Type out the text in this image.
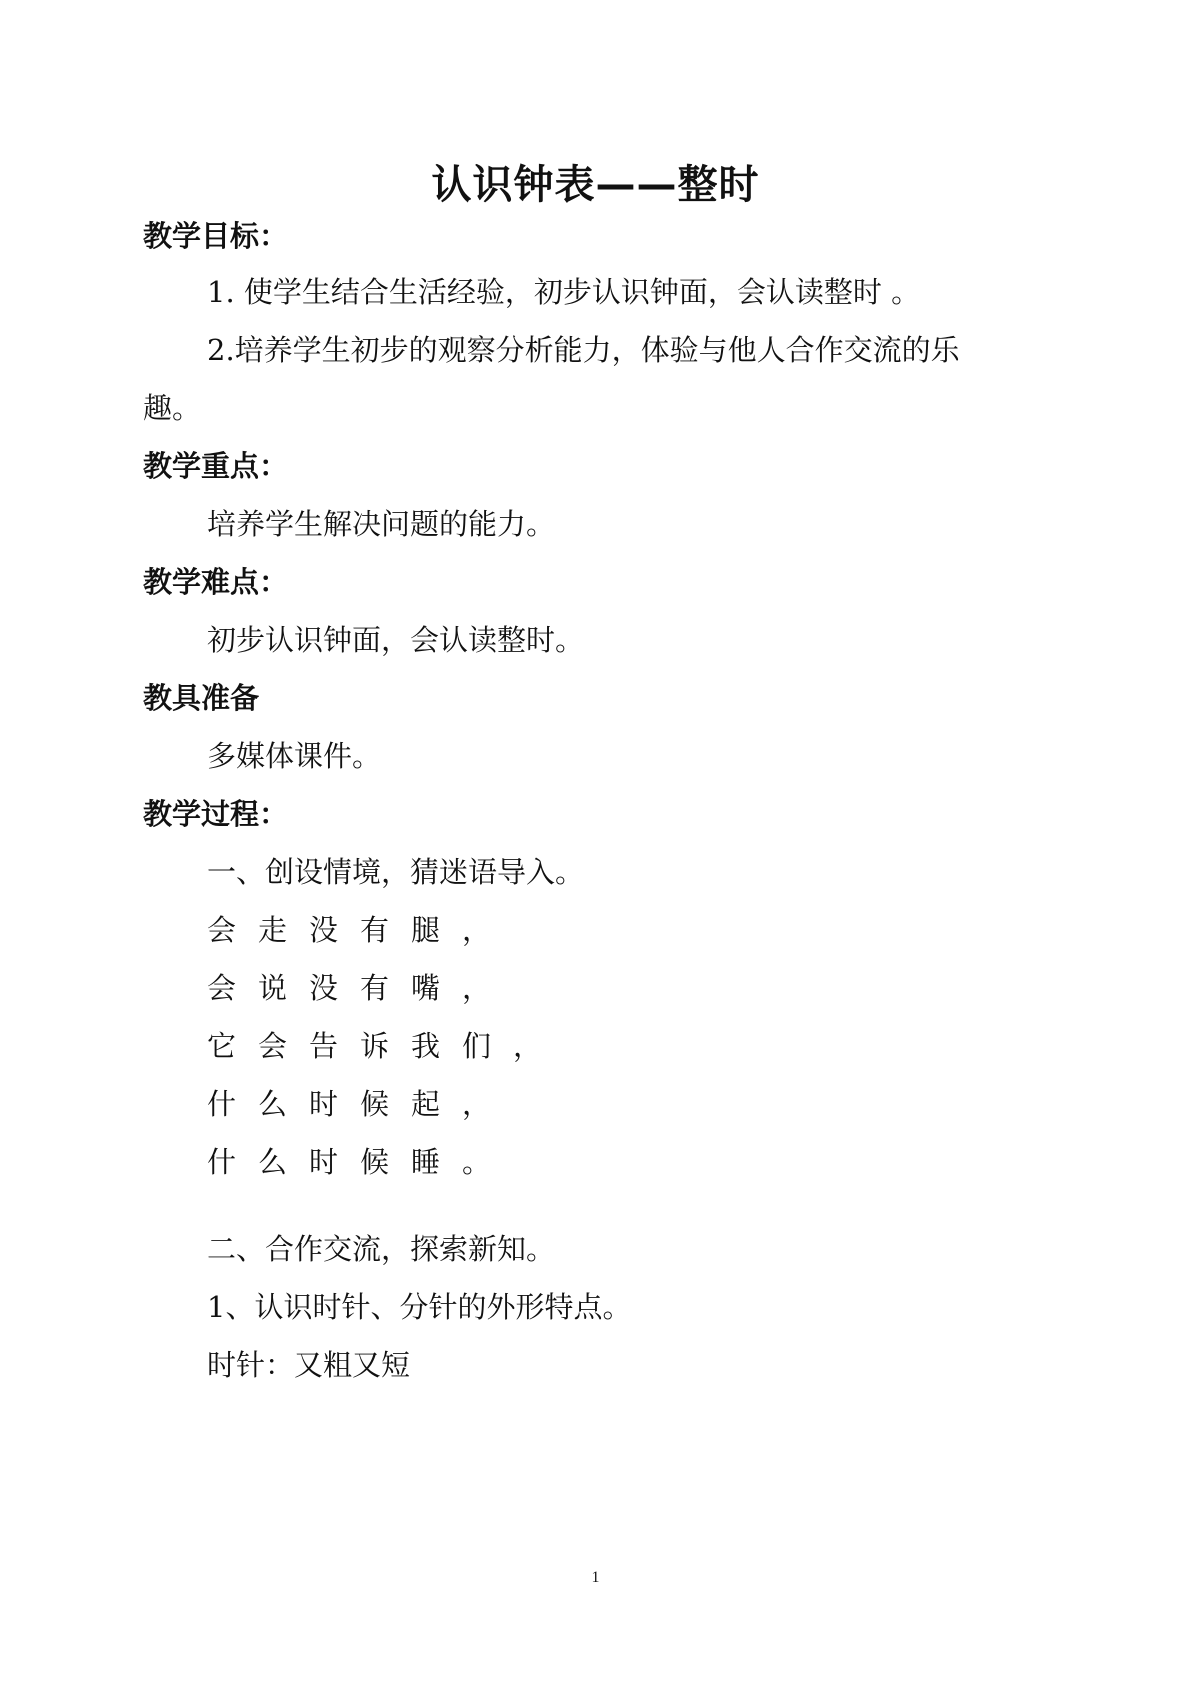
认识钟表——整时
教学目标：
1. 使学生结合生活经验，初步认识钟面，会认读整时 。
2.培养学生初步的观察分析能力，体验与他人合作交流的乐
趣。
教学重点：
培养学生解决问题的能力。
教学难点：
初步认识钟面，会认读整时。
教具准备
多媒体课件。
教学过程：
一、创设情境，猜迷语导入。
会走没有腿，
会说没有嘴，
它会告诉我们，
什么时候起，
什么时候睡。
二、合作交流，探索新知。
1、认识时针、分针的外形特点。
时针：又粗又短
1
